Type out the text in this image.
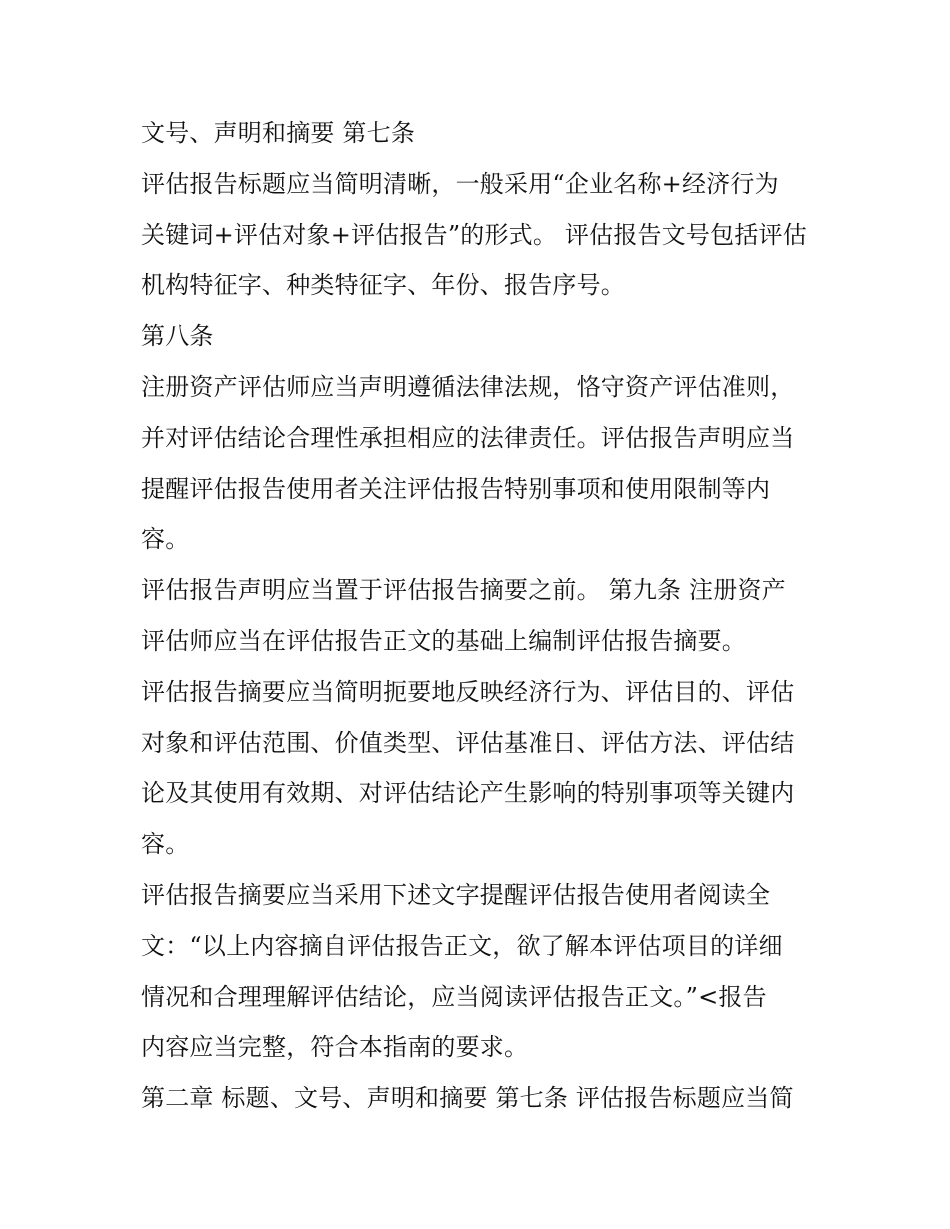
文号、声明和摘要 第七条
评估报告标题应当简明清晰，一般采用“企业名称+经济行为
关键词+评估对象+评估报告”的形式。 评估报告文号包括评估
机构特征字、种类特征字、年份、报告序号。
第八条
注册资产评估师应当声明遵循法律法规，恪守资产评估准则，
并对评估结论合理性承担相应的法律责任。评估报告声明应当
提醒评估报告使用者关注评估报告特别事项和使用限制等内
容。
评估报告声明应当置于评估报告摘要之前。 第九条 注册资产
评估师应当在评估报告正文的基础上编制评估报告摘要。
评估报告摘要应当简明扼要地反映经济行为、评估目的、评估
对象和评估范围、价值类型、评估基准日、评估方法、评估结
论及其使用有效期、对评估结论产生影响的特别事项等关键内
容。
评估报告摘要应当采用下述文字提醒评估报告使用者阅读全
文：“以上内容摘自评估报告正文，欲了解本评估项目的详细
情况和合理理解评估结论，应当阅读评估报告正文。”<报告
内容应当完整，符合本指南的要求。
第二章 标题、文号、声明和摘要 第七条 评估报告标题应当简
